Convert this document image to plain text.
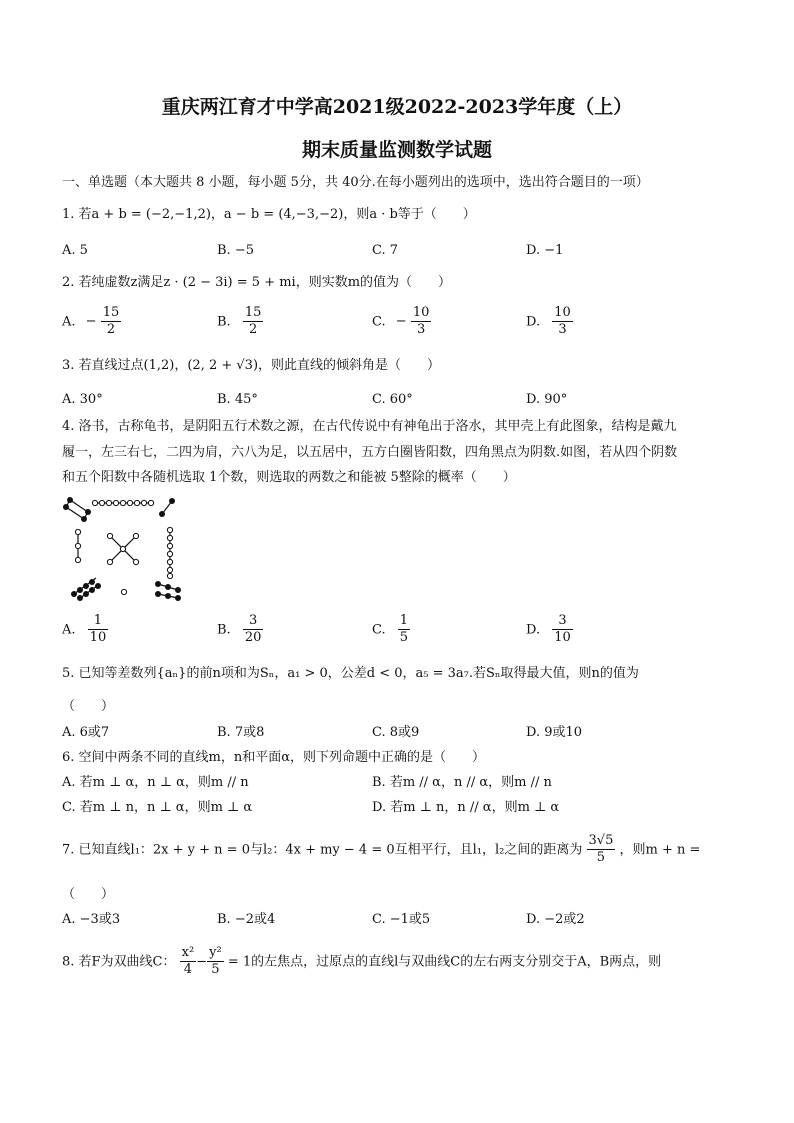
重庆两江育才中学高2021级2022-2023学年度（上）
期末质量监测数学试题
一、单选题（本大题共 8 小题，每小题 5分，共 40分.在每小题列出的选项中，选出符合题目的一项）
1. 若a + b = (−2,−1,2)，a − b = (4,−3,−2)，则a · b等于（　　）
A. 5	B. −5	C. 7	D. −1
2. 若纯虚数z满足z · (2 − 3i) = 5 + mi，则实数m的值为（　　）
A. − $\frac{15}{2}$	B. $\frac{15}{2}$	C. − $\frac{10}{3}$	D. $\frac{10}{3}$
3. 若直线过点(1,2)，(2, 2 + √3)，则此直线的倾斜角是（　　）
A. 30°	B. 45°	C. 60°	D. 90°
4. 洛书，古称龟书，是阴阳五行术数之源，在古代传说中有神龟出于洛水，其甲壳上有此图象，结构是戴九
履一，左三右七，二四为肩，六八为足，以五居中，五方白圈皆阳数，四角黑点为阴数.如图，若从四个阴数
和五个阳数中各随机选取 1个数，则选取的两数之和能被 5整除的概率（　　）
A. $\frac{1}{10}$	B. $\frac{3}{20}$	C. $\frac{1}{5}$	D. $\frac{3}{10}$
5. 已知等差数列{aₙ}的前n项和为Sₙ，a₁ > 0，公差d < 0，a₅ = 3a₇.若Sₙ取得最大值，则n的值为
（　　）
A. 6或7	B. 7或8	C. 8或9	D. 9或10
6. 空间中两条不同的直线m，n和平面α，则下列命题中正确的是（　　）
A. 若m ⊥ α，n ⊥ α，则m // n	B. 若m // α，n // α，则m // n
C. 若m ⊥ n，n ⊥ α，则m ⊥ α	D. 若m ⊥ n，n // α，则m ⊥ α
7. 已知直线l₁：2x + y + n = 0与l₂：4x + my − 4 = 0互相平行，且l₁，l₂之间的距离为 $\frac{3√5}{5}$ ，则m + n =
（　　）
A. −3或3	B. −2或4	C. −1或5	D. −2或2
8. 若F为双曲线C： $\frac{\text{x²}}{4} - \frac{\text{y²}}{5} = 1$的左焦点，过原点的直线l与双曲线C的左右两支分别交于A，B两点，则
